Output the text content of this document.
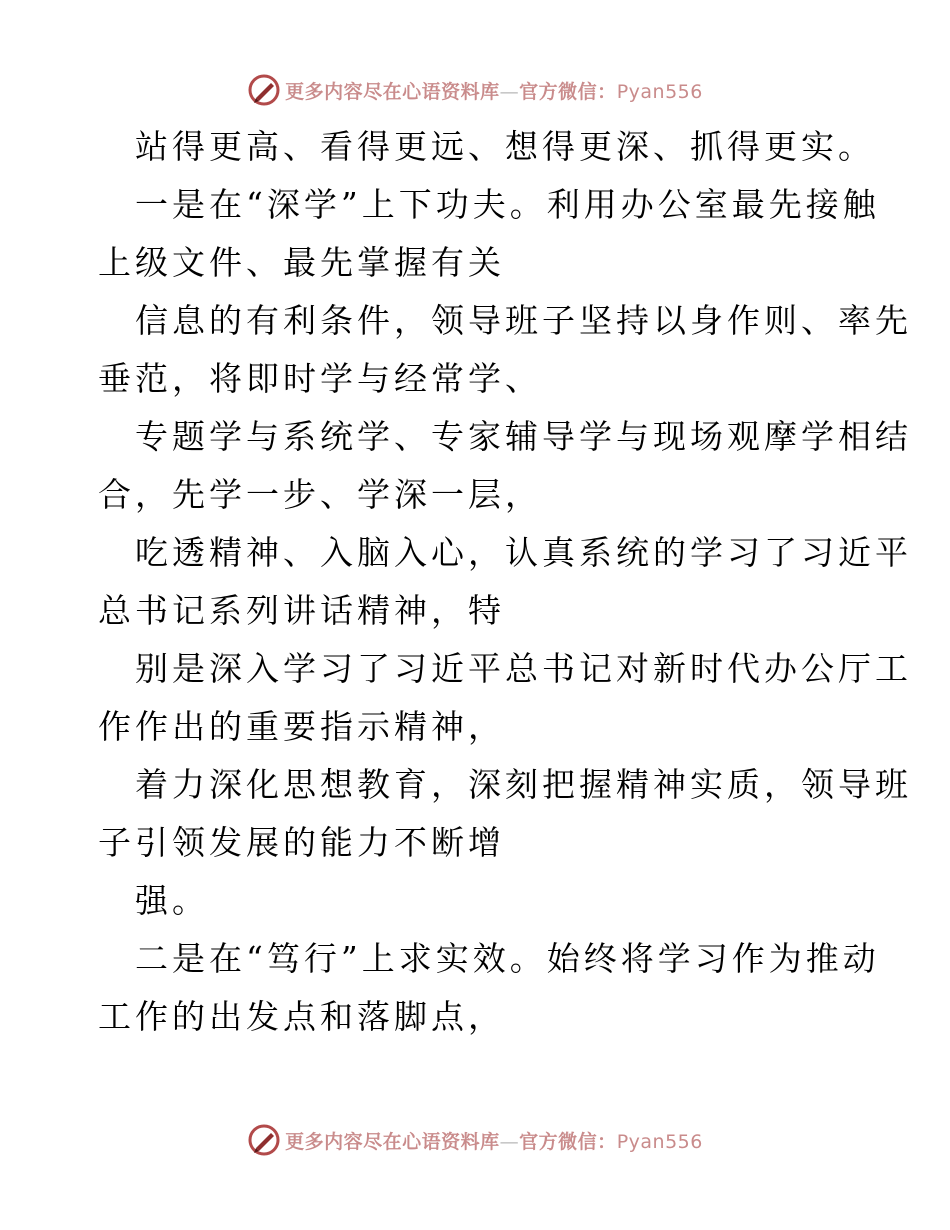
更多内容尽在心语资料库—官方微信：Pyan556
站得更高、看得更远、想得更深、抓得更实。
一是在“深学”上下功夫。利用办公室最先接触
上级文件、最先掌握有关
信息的有利条件，领导班子坚持以身作则、率先
垂范，将即时学与经常学、
专题学与系统学、专家辅导学与现场观摩学相结
合，先学一步、学深一层，
吃透精神、入脑入心，认真系统的学习了习近平
总书记系列讲话精神，特
别是深入学习了习近平总书记对新时代办公厅工
作作出的重要指示精神，
着力深化思想教育，深刻把握精神实质，领导班
子引领发展的能力不断增
强。
二是在“笃行”上求实效。始终将学习作为推动
工作的出发点和落脚点，
更多内容尽在心语资料库—官方微信：Pyan556
